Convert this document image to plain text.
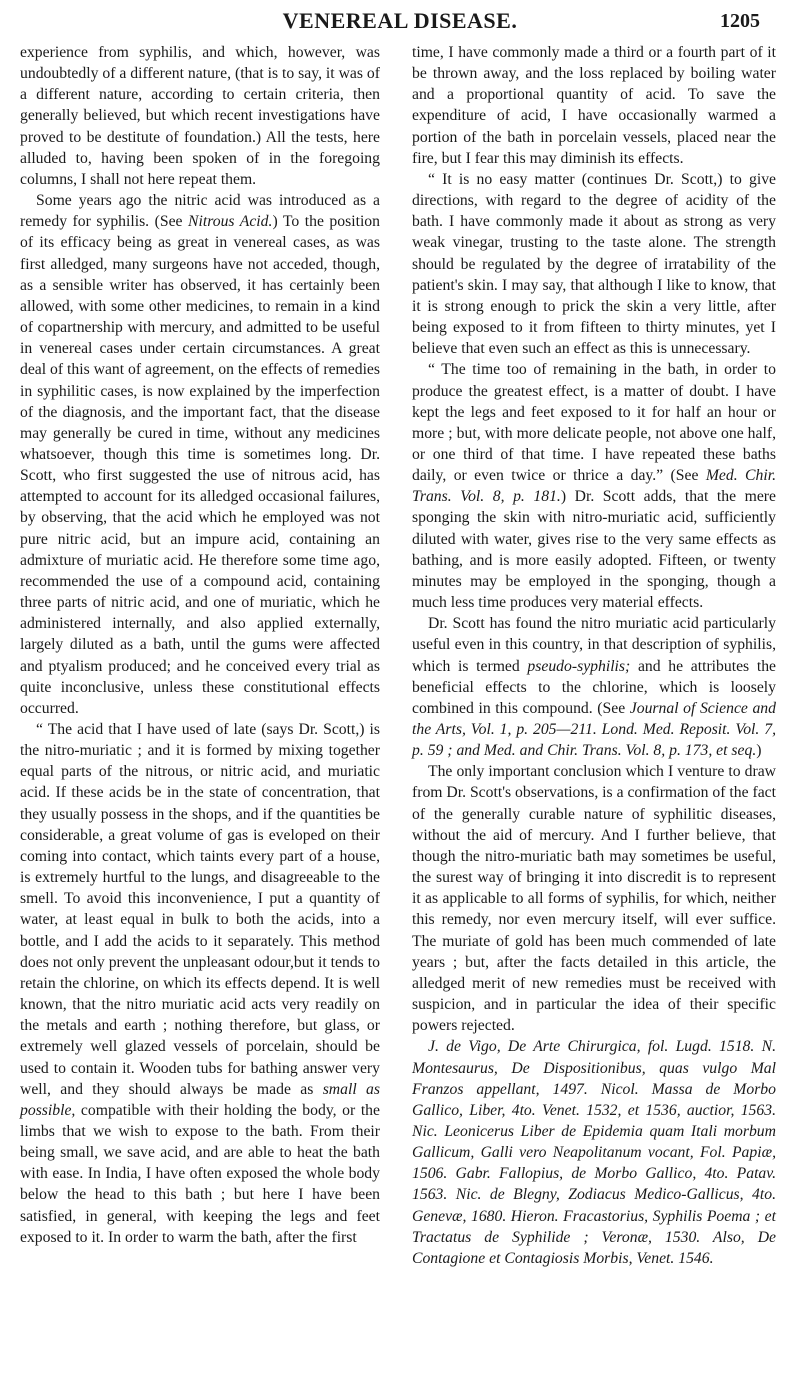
VENEREAL DISEASE.	1205

experience from syphilis, and which, however, was undoubtedly of a different nature, (that is to say, it was of a different nature, according to certain criteria, then generally believed, but which recent investigations have proved to be destitute of foundation.) All the tests, here alluded to, having been spoken of in the foregoing columns, I shall not here repeat them.

Some years ago the nitric acid was introduced as a remedy for syphilis. (See Nitrous Acid.) To the position of its efficacy being as great in venereal cases, as was first alledged, many surgeons have not acceded, though, as a sensible writer has observed, it has certainly been allowed, with some other medicines, to remain in a kind of copartnership with mercury, and admitted to be useful in venereal cases under certain circumstances. A great deal of this want of agreement, on the effects of remedies in syphilitic cases, is now explained by the imperfection of the diagnosis, and the important fact, that the disease may generally be cured in time, without any medicines whatsoever, though this time is sometimes long. Dr. Scott, who first suggested the use of nitrous acid, has attempted to account for its alledged occasional failures, by observing, that the acid which he employed was not pure nitric acid, but an impure acid, containing an admixture of muriatic acid. He therefore some time ago, recommended the use of a compound acid, containing three parts of nitric acid, and one of muriatic, which he administered internally, and also applied externally, largely diluted as a bath, until the gums were affected and ptyalism produced; and he conceived every trial as quite inconclusive, unless these constitutional effects occurred.

“ The acid that I have used of late (says Dr. Scott,) is the nitro-muriatic ; and it is formed by mixing together equal parts of the nitrous, or nitric acid, and muriatic acid. If these acids be in the state of concentration, that they usually possess in the shops, and if the quantities be considerable, a great volume of gas is eveloped on their coming into contact, which taints every part of a house, is extremely hurtful to the lungs, and disagreeable to the smell. To avoid this inconvenience, I put a quantity of water, at least equal in bulk to both the acids, into a bottle, and I add the acids to it separately. This method does not only prevent the unpleasant odour,but it tends to retain the chlorine, on which its effects depend. It is well known, that the nitro muriatic acid acts very readily on the metals and earth ; nothing therefore, but glass, or extremely well glazed vessels of porcelain, should be used to contain it. Wooden tubs for bathing answer very well, and they should always be made as small as possible, compatible with their holding the body, or the limbs that we wish to expose to the bath. From their being small, we save acid, and are able to heat the bath with ease. In India, I have often exposed the whole body below the head to this bath ; but here I have been satisfied, in general, with keeping the legs and feet exposed to it. In order to warm the bath, after the first

time, I have commonly made a third or a fourth part of it be thrown away, and the loss replaced by boiling water and a proportional quantity of acid. To save the expenditure of acid, I have occasionally warmed a portion of the bath in porcelain vessels, placed near the fire, but I fear this may diminish its effects.

“ It is no easy matter (continues Dr. Scott,) to give directions, with regard to the degree of acidity of the bath. I have commonly made it about as strong as very weak vinegar, trusting to the taste alone. The strength should be regulated by the degree of irratability of the patient's skin. I may say, that although I like to know, that it is strong enough to prick the skin a very little, after being exposed to it from fifteen to thirty minutes, yet I believe that even such an effect as this is unnecessary.

“ The time too of remaining in the bath, in order to produce the greatest effect, is a matter of doubt. I have kept the legs and feet exposed to it for half an hour or more ; but, with more delicate people, not above one half, or one third of that time. I have repeated these baths daily, or even twice or thrice a day.” (See Med. Chir. Trans. Vol. 8, p. 181.) Dr. Scott adds, that the mere sponging the skin with nitro-muriatic acid, sufficiently diluted with water, gives rise to the very same effects as bathing, and is more easily adopted. Fifteen, or twenty minutes may be employed in the sponging, though a much less time produces very material effects.

Dr. Scott has found the nitro muriatic acid particularly useful even in this country, in that description of syphilis, which is termed pseudo-syphilis; and he attributes the beneficial effects to the chlorine, which is loosely combined in this compound. (See Journal of Science and the Arts, Vol. 1, p. 205—211. Lond. Med. Reposit. Vol. 7, p. 59 ; and Med. and Chir. Trans. Vol. 8, p. 173, et seq.)

The only important conclusion which I venture to draw from Dr. Scott's observations, is a confirmation of the fact of the generally curable nature of syphilitic diseases, without the aid of mercury. And I further believe, that though the nitro-muriatic bath may sometimes be useful, the surest way of bringing it into discredit is to represent it as applicable to all forms of syphilis, for which, neither this remedy, nor even mercury itself, will ever suffice. The muriate of gold has been much commended of late years ; but, after the facts detailed in this article, the alledged merit of new remedies must be received with suspicion, and in particular the idea of their specific powers rejected.

J. de Vigo, De Arte Chirurgica, fol. Lugd. 1518. N. Montesaurus, De Dispositionibus, quas vulgo Mal Franzos appellant, 1497. Nicol. Massa de Morbo Gallico, Liber, 4to. Venet. 1532, et 1536, auctior, 1563. Nic. Leonicerus Liber de Epidemia quam Itali morbum Gallicum, Galli vero Neapolitanum vocant, Fol. Papiæ, 1506. Gabr. Fallopius, de Morbo Gallico, 4to. Patav. 1563. Nic. de Blegny, Zodiacus Medico-Gallicus, 4to. Genevæ, 1680. Hieron. Fracastorius, Syphilis Poema ; et Tractatus de Syphilide ; Veronæ, 1530. Also, De Contagione et Contagiosis Morbis, Venet. 1546.
